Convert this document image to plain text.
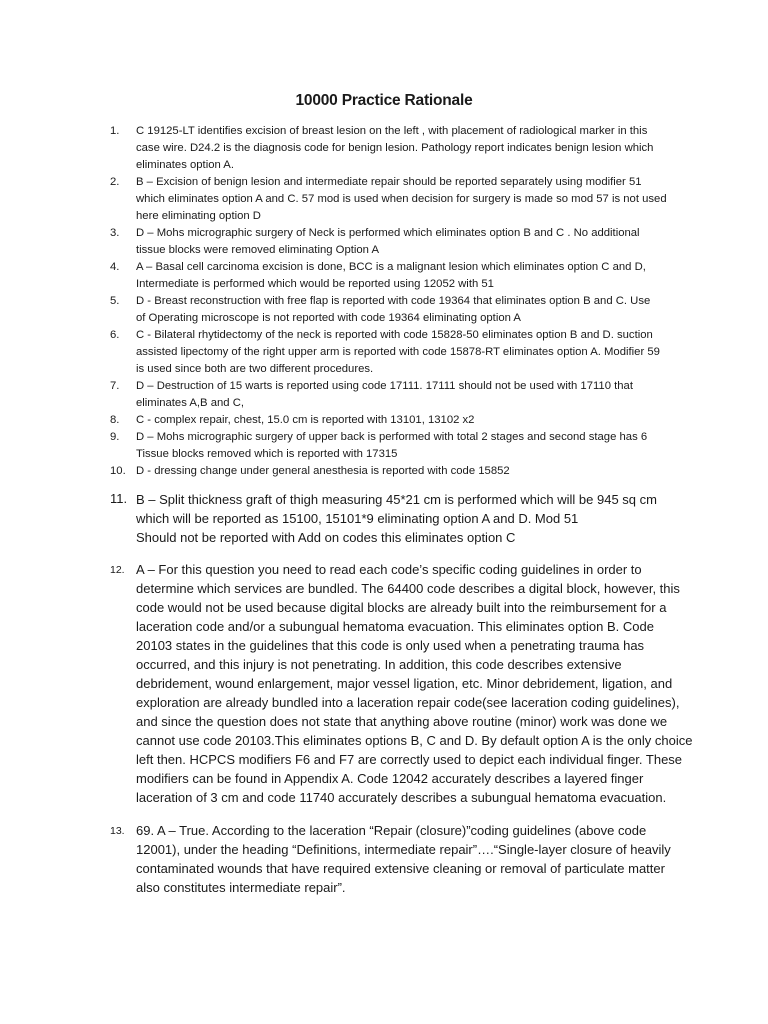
10000 Practice Rationale
1.	C 19125-LT identifies excision of breast lesion on the left , with placement of radiological marker in this
case wire. D24.2 is the diagnosis code for benign lesion. Pathology report indicates benign lesion which
eliminates option A.
2.	B – Excision of benign lesion and intermediate repair should be reported separately using modifier 51
which eliminates option A and C. 57 mod is used when decision for surgery is made so mod 57 is not used
here eliminating option D
3.	D – Mohs micrographic surgery of Neck is performed which eliminates option B and C . No additional
tissue blocks were removed eliminating Option A
4.	A – Basal cell carcinoma excision is done, BCC is a malignant lesion which eliminates option C and D,
Intermediate is performed which would be reported using 12052 with 51
5.	D - Breast reconstruction with free flap is reported with code 19364 that eliminates option B and C. Use
of Operating microscope is not reported with code 19364 eliminating option A
6.	C - Bilateral rhytidectomy of the neck is reported with code 15828-50 eliminates option B and D. suction
assisted lipectomy of the right upper arm is reported with code 15878-RT eliminates option A. Modifier 59
is used since both are two different procedures.
7.	D – Destruction of 15 warts is reported using code 17111. 17111 should not be used with 17110 that
eliminates A,B and C,
8.	C - complex repair, chest, 15.0 cm is reported with 13101, 13102 x2
9.	D – Mohs micrographic surgery of upper back is performed with total 2 stages and second stage has 6
Tissue blocks removed which is reported with 17315
10. D - dressing change under general anesthesia is reported with code 15852
11. B – Split thickness graft of thigh measuring 45*21 cm is performed which will be 945 sq cm
which will be reported as 15100, 15101*9 eliminating option A and D. Mod 51
Should not be reported with Add on codes this eliminates option C
12. A – For this question you need to read each code’s specific coding guidelines in order to
determine which services are bundled. The 64400 code describes a digital block, however, this
code would not be used because digital blocks are already built into the reimbursement for a
laceration code and/or a subungual hematoma evacuation. This eliminates option B. Code
20103 states in the guidelines that this code is only used when a penetrating trauma has
occurred, and this injury is not penetrating. In addition, this code describes extensive
debridement, wound enlargement, major vessel ligation, etc. Minor debridement, ligation, and
exploration are already bundled into a laceration repair code(see laceration coding guidelines),
and since the question does not state that anything above routine (minor) work was done we
cannot use code 20103.This eliminates options B, C and D. By default option A is the only choice
left then. HCPCS modifiers F6 and F7 are correctly used to depict each individual finger. These
modifiers can be found in Appendix A. Code 12042 accurately describes a layered finger
laceration of 3 cm and code 11740 accurately describes a subungual hematoma evacuation.
13. 69. A – True. According to the laceration “Repair (closure)”coding guidelines (above code
12001), under the heading “Definitions, intermediate repair”….“Single-layer closure of heavily
contaminated wounds that have required extensive cleaning or removal of particulate matter
also constitutes intermediate repair”.
